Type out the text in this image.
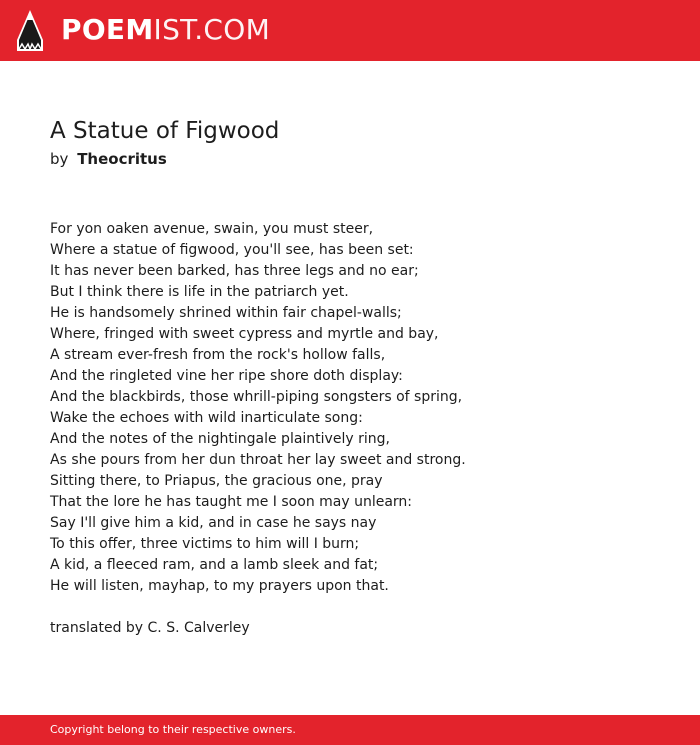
POEMIST.COM
A Statue of Figwood
by Theocritus
For yon oaken avenue, swain, you must steer,
Where a statue of figwood, you'll see, has been set:
It has never been barked, has three legs and no ear;
But I think there is life in the patriarch yet.
He is handsomely shrined within fair chapel-walls;
Where, fringed with sweet cypress and myrtle and bay,
A stream ever-fresh from the rock's hollow falls,
And the ringleted vine her ripe shore doth display:
And the blackbirds, those whrill-piping songsters of spring,
Wake the echoes with wild inarticulate song:
And the notes of the nightingale plaintively ring,
As she pours from her dun throat her lay sweet and strong.
Sitting there, to Priapus, the gracious one, pray
That the lore he has taught me I soon may unlearn:
Say I'll give him a kid, and in case he says nay
To this offer, three victims to him will I burn;
A kid, a fleeced ram, and a lamb sleek and fat;
He will listen, mayhap, to my prayers upon that.
translated by C. S. Calverley
Copyright belong to their respective owners.
